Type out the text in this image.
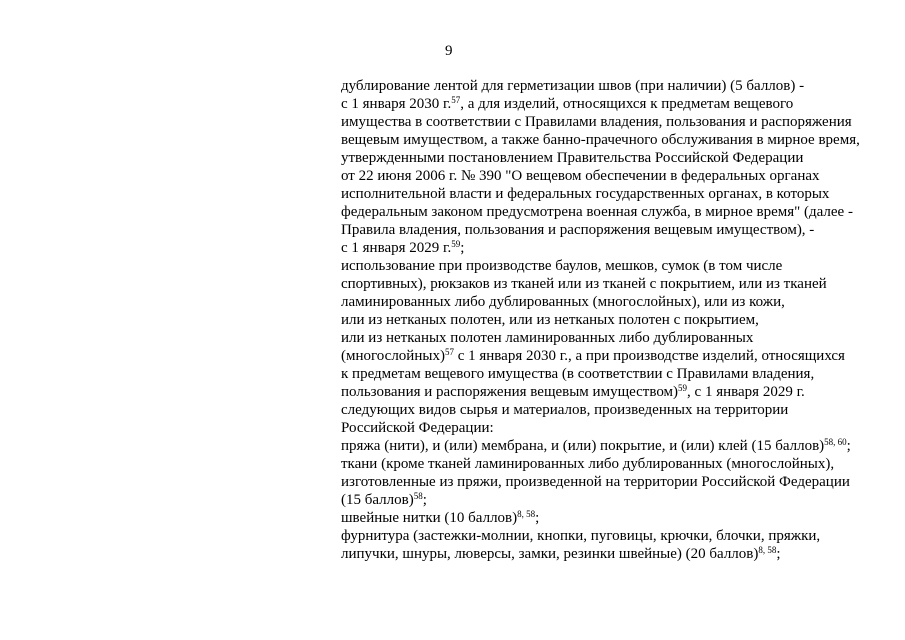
9
дублирование лентой для герметизации швов (при наличии) (5 баллов) -
с 1 января 2030 г.$^{57}$, а для изделий, относящихся к предметам вещевого
имущества в соответствии с Правилами владения, пользования и распоряжения
вещевым имуществом, а также банно-прачечного обслуживания в мирное время,
утвержденными постановлением Правительства Российской Федерации
от 22 июня 2006 г. № 390 "О вещевом обеспечении в федеральных органах
исполнительной власти и федеральных государственных органах, в которых
федеральным законом предусмотрена военная служба, в мирное время" (далее -
Правила владения, пользования и распоряжения вещевым имуществом), -
с 1 января 2029 г.$^{59}$;
использование при производстве баулов, мешков, сумок (в том числе
спортивных), рюкзаков из тканей или из тканей с покрытием, или из тканей
ламинированных либо дублированных (многослойных), или из кожи,
или из нетканых полотен, или из нетканых полотен с покрытием,
или из нетканых полотен ламинированных либо дублированных
(многослойных)$^{57}$ с 1 января 2030 г., а при производстве изделий, относящихся
к предметам вещевого имущества (в соответствии с Правилами владения,
пользования и распоряжения вещевым имуществом)$^{59}$, с 1 января 2029 г.
следующих видов сырья и материалов, произведенных на территории
Российской Федерации:
пряжа (нити), и (или) мембрана, и (или) покрытие, и (или) клей (15 баллов)$^{58, 60}$;
ткани (кроме тканей ламинированных либо дублированных (многослойных),
изготовленные из пряжи, произведенной на территории Российской Федерации
(15 баллов)$^{58}$;
швейные нитки (10 баллов)$^{8, 58}$;
фурнитура (застежки-молнии, кнопки, пуговицы, крючки, блочки, пряжки,
липучки, шнуры, люверсы, замки, резинки швейные) (20 баллов)$^{8, 58}$;
